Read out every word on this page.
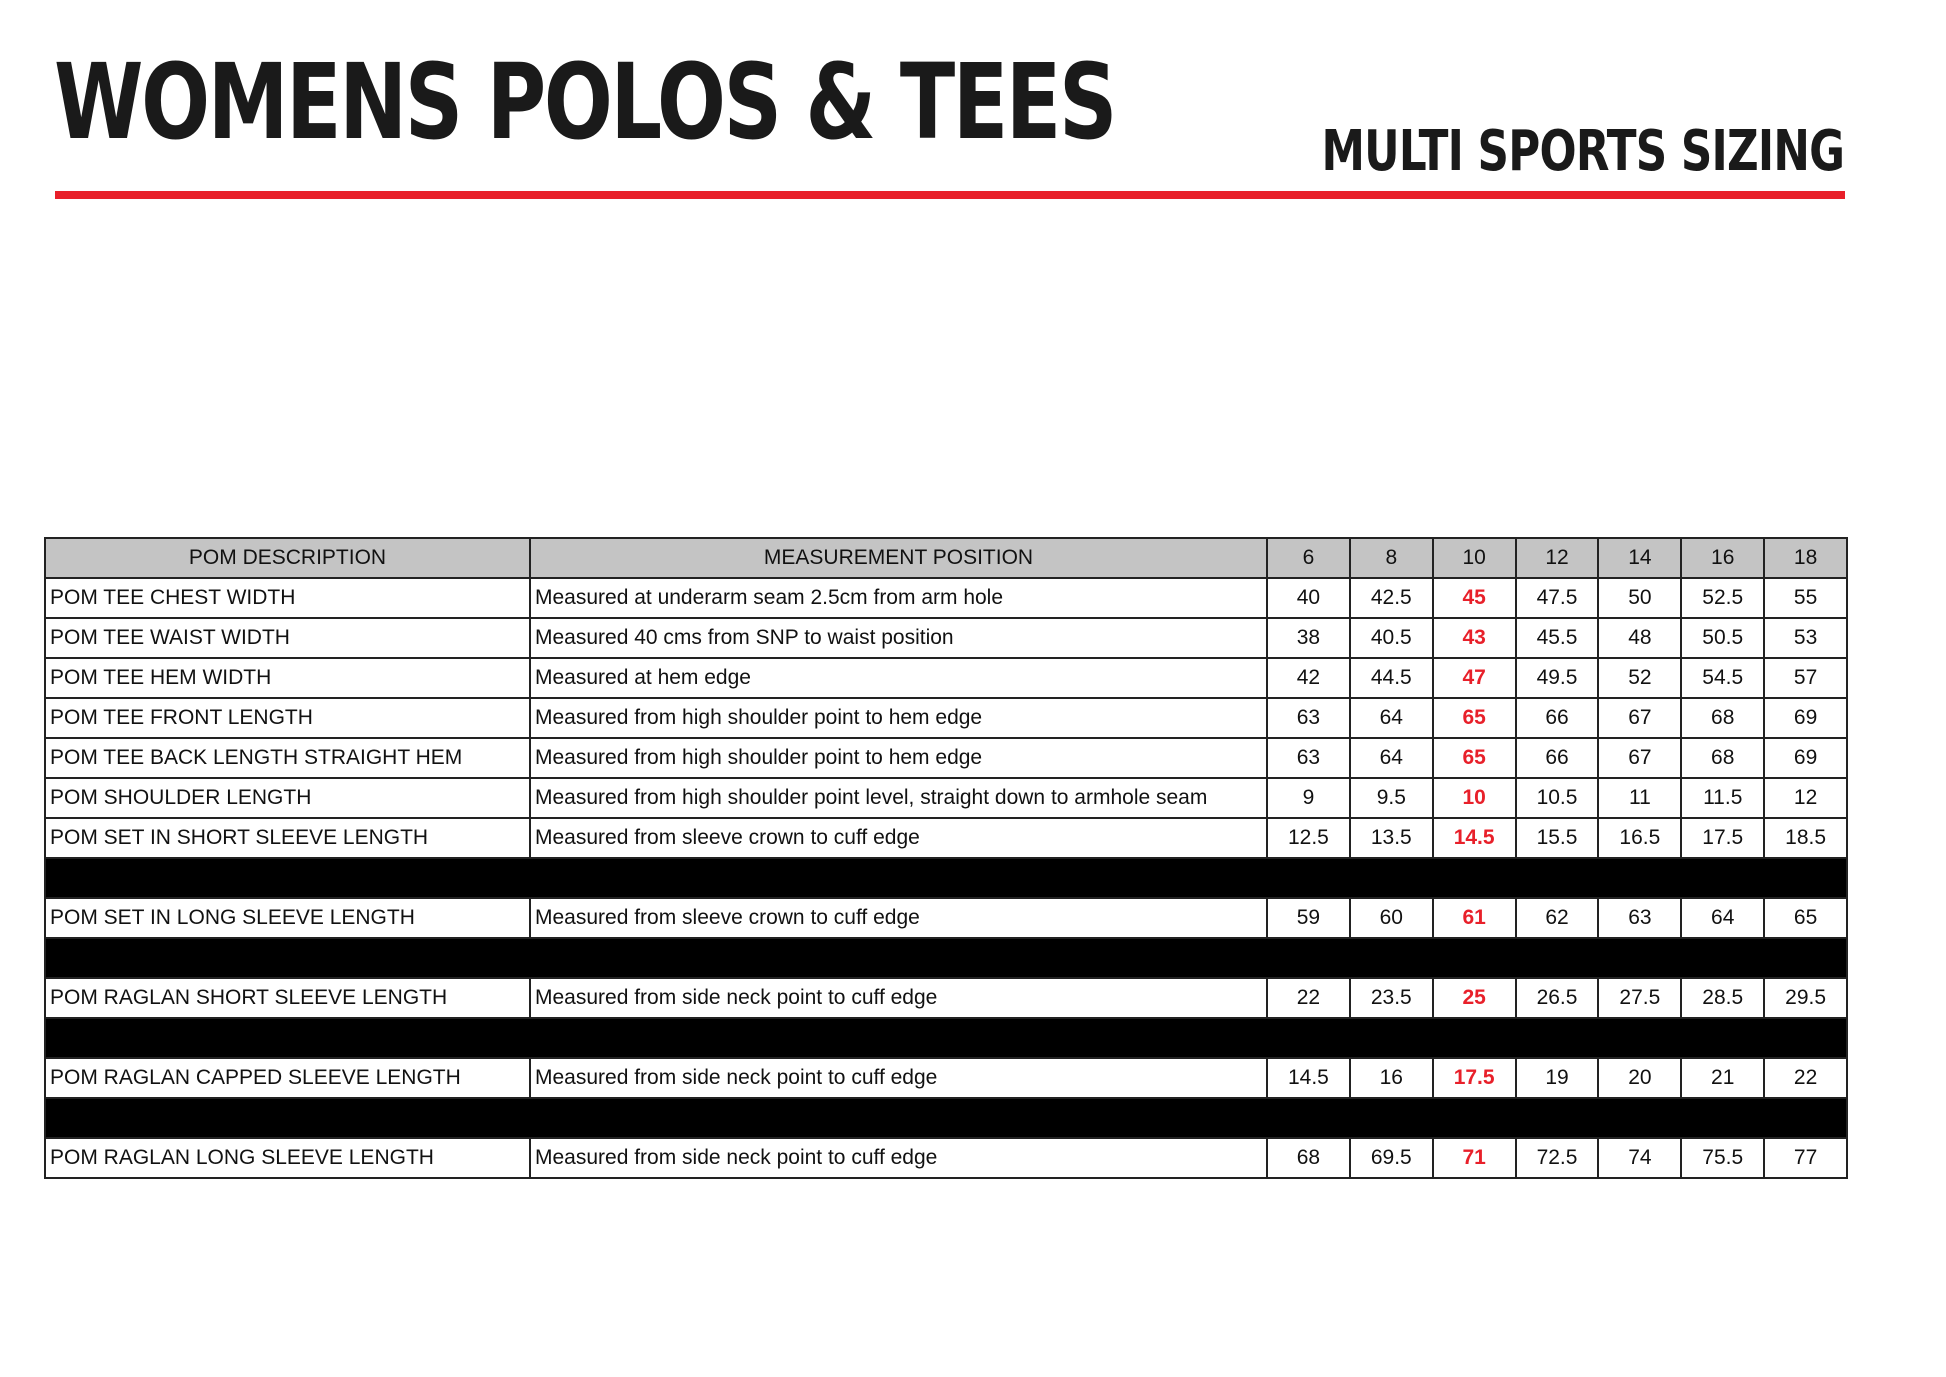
WOMENS POLOS & TEES	MULTI SPORTS SIZING
POM DESCRIPTION	MEASUREMENT POSITION	6	8	10	12	14	16	18
POM TEE CHEST WIDTH	Measured at underarm seam 2.5cm from arm hole	40	42.5	45	47.5	50	52.5	55
POM TEE WAIST WIDTH	Measured 40 cms from SNP to waist position	38	40.5	43	45.5	48	50.5	53
POM TEE HEM WIDTH	Measured at hem edge	42	44.5	47	49.5	52	54.5	57
POM TEE FRONT LENGTH	Measured from high shoulder point to hem edge	63	64	65	66	67	68	69
POM TEE BACK LENGTH STRAIGHT HEM	Measured from high shoulder point to hem edge	63	64	65	66	67	68	69
POM SHOULDER LENGTH	Measured from high shoulder point level, straight down to armhole seam	9	9.5	10	10.5	11	11.5	12
POM SET IN SHORT SLEEVE LENGTH	Measured from sleeve crown to cuff edge	12.5	13.5	14.5	15.5	16.5	17.5	18.5

POM SET IN LONG SLEEVE LENGTH	Measured from sleeve crown to cuff edge	59	60	61	62	63	64	65

POM RAGLAN SHORT SLEEVE LENGTH	Measured from side neck point to cuff edge	22	23.5	25	26.5	27.5	28.5	29.5

POM RAGLAN CAPPED SLEEVE LENGTH	Measured from side neck point to cuff edge	14.5	16	17.5	19	20	21	22

POM RAGLAN LONG SLEEVE LENGTH	Measured from side neck point to cuff edge	68	69.5	71	72.5	74	75.5	77
